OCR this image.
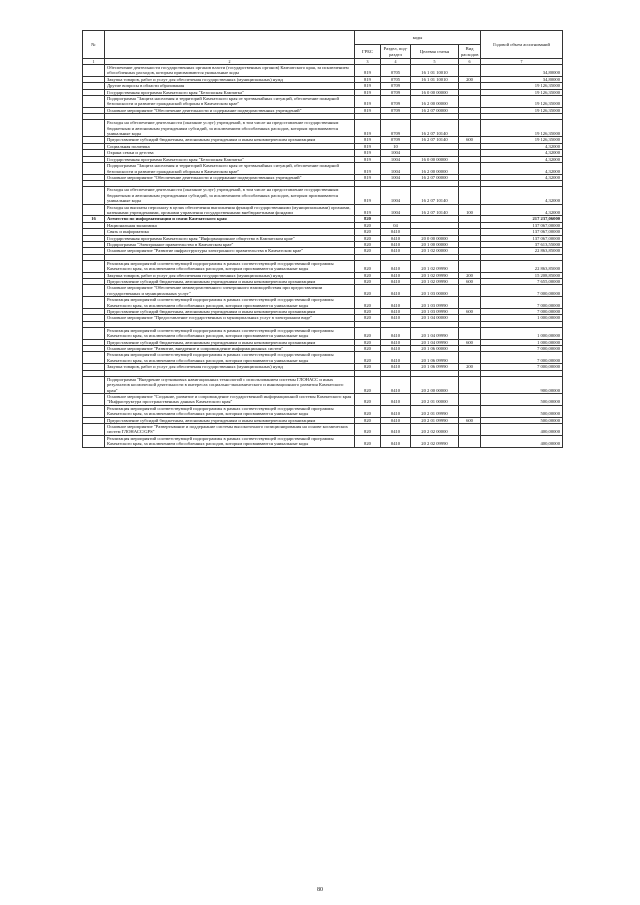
№		коды				Годовой объем ассигнований
		ГРБС	Раздел, под-раздел	Целевая статья	Вид расходов	
1	2	3	4	5	6	7
	Обеспечение деятельности государственных органов власти (государственных органов) Камчатского края, за исключением обособленных расходов, которым присваиваются уникальные коды	819	0705	16 1 01 10010		34,80000
	Закупка товаров, работ и услуг для обеспечения государственных (муниципальных) нужд	819	0705	16 1 01 10010	200	34,80000
	Другие вопросы в области образования	819	0709			19 126,35000
	Государственная программа Камчатского края "Безопасная Камчатка"	819	0709	16 0 00 00000		19 126,35000
	Подпрограмма "Защита населения и территорий Камчатского края от чрезвычайных ситуаций, обеспечение пожарной безопасности и развитие гражданской обороны в Камчатском крае"	819	0709	16 2 00 00000		19 126,35000
	Основное мероприятие "Обеспечение деятельности и содержание подведомственных учреждений"	819	0709	16 2 07 00000		19 126,35000

	Расходы на обеспечение деятельности (оказание услуг) учреждений, в том числе на предоставление государственным бюджетным и автономным учреждениям субсидий, за исключением обособленных расходов, которым присваиваются уникальные коды	819	0709	16 2 07 10140		19 126,35000
	Предоставление субсидий бюджетным, автономным учреждениям и иным некоммерческим организациям	819	0709	16 2 07 10140	600	19 126,35000
	Социальная политика	819	10			4,32000
	Охрана семьи и детства	819	1004			4,32000
	Государственная программа Камчатского края "Безопасная Камчатка"	819	1004	16 0 00 00000		4,32000
	Подпрограмма "Защита населения и территорий Камчатского края от чрезвычайных ситуаций, обеспечение пожарной безопасности и развитие гражданской обороны в Камчатском крае"	819	1004	16 2 00 00000		4,32000
	Основное мероприятие "Обеспечение деятельности и содержание подведомственных учреждений"	819	1004	16 2 07 00000		4,32000

	Расходы на обеспечение деятельности (оказание услуг) учреждений, в том числе на предоставление государственным бюджетным и автономным учреждениям субсидий, за исключением обособленных расходов, которым присваиваются уникальные коды	819	1004	16 2 07 10140		4,32000
	Расходы на выплаты персоналу в целях обеспечения выполнения функций государственными (муниципальными) органами, казенными учреждениями, органами управления государственными внебюджетными фондами	819	1004	16 2 07 10140	100	4,32000
16	Агентство по информатизации и связи Камчатского края	820				217 237,06000
	Национальная экономика	820	04			137 067,00000
	Связь и информатика	820	0410			137 067,00000
	Государственная программа Камчатского края "Информационное общество в Камчатском крае"	820	0410	20 0 00 00000		137 067,00000
	Подпрограмма "Электронное правительство в Камчатском крае"	820	0410	20 1 00 00000		37 613,55000
	Основное мероприятие "Развитие инфраструктуры электронного правительства в Камчатском крае"	820	0410	20 1 02 00000		22 863,85000

	Реализация мероприятий соответствующей подпрограммы в рамках соответствующей государственной программы Камчатского края, за исключением обособленных расходов, которым присваиваются уникальные коды	820	0410	20 1 02 09990		22 863,85000
	Закупка товаров, работ и услуг для обеспечения государственных (муниципальных) нужд	820	0410	20 1 02 09990	200	15 208,85000
	Предоставление субсидий бюджетным, автономным учреждениям и иным некоммерческим организациям	820	0410	20 1 02 09990	600	7 655,00000
	Основное мероприятие "Обеспечение межведомственного электронного взаимодействия при предоставлении государственных и муниципальных услуг"	820	0410	20 1 03 00000		7 000,00000
	Реализация мероприятий соответствующей подпрограммы в рамках соответствующей государственной программы Камчатского края, за исключением обособленных расходов, которым присваиваются уникальные коды	820	0410	20 1 03 09990		7 000,00000
	Предоставление субсидий бюджетным, автономным учреждениям и иным некоммерческим организациям	820	0410	20 1 03 09990	600	7 000,00000
	Основное мероприятие "Предоставление государственных и муниципальных услуг в электронном виде"	820	0410	20 1 04 00000		1 000,00000

	Реализация мероприятий соответствующей подпрограммы в рамках соответствующей государственной программы Камчатского края, за исключением обособленных расходов, которым присваиваются уникальные коды	820	0410	20 1 04 09990		1 000,00000
	Предоставление субсидий бюджетным, автономным учреждениям и иным некоммерческим организациям	820	0410	20 1 04 09990	600	1 000,00000
	Основное мероприятие "Развитие, внедрение и сопровождение информационных систем"	820	0410	20 1 06 00000		7 000,00000
	Реализация мероприятий соответствующей подпрограммы в рамках соответствующей государственной программы Камчатского края, за исключением обособленных расходов, которым присваиваются уникальные коды	820	0410	20 1 06 09990		7 000,00000
	Закупка товаров, работ и услуг для обеспечения государственных (муниципальных) нужд	820	0410	20 1 06 09990	200	7 000,00000

	Подпрограмма "Внедрение спутниковых навигационных технологий с использованием системы ГЛОНАСС и иных результатов космической деятельности в интересах социально-экономического и инновационного развития Камчатского края"	820	0410	20 2 00 00000		900,00000
	Основное мероприятие "Создание, развитие и сопровождение государственной информационной системы Камчатского края "Инфраструктура пространственных данных Камчатского края"	820	0410	20 2 01 00000		500,00000
	Реализация мероприятий соответствующей подпрограммы в рамках соответствующей государственной программы Камчатского края, за исключением обособленных расходов, которым присваиваются уникальные коды	820	0410	20 2 01 09990		500,00000
	Предоставление субсидий бюджетным, автономным учреждениям и иным некоммерческим организациям	820	0410	20 2 01 09990	600	500,00000
	Основное мероприятие "Развертывание и поддержание системы высокоточного позиционирования на основе космических систем ГЛОНАСС/GPS"	820	0410	20 2 02 00000		400,00000
	Реализация мероприятий соответствующей подпрограммы в рамках соответствующей государственной программы Камчатского края, за исключением обособленных расходов, которым присваиваются уникальные коды	820	0410	20 2 02 09990		400,00000
80
